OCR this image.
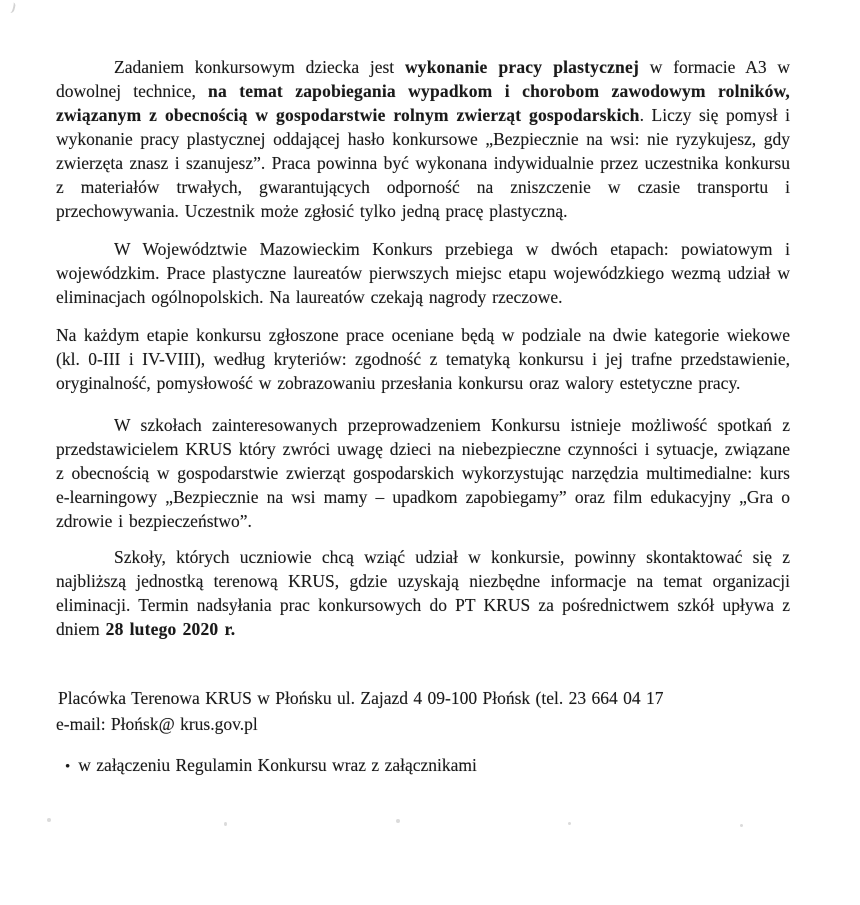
Zadaniem konkursowym dziecka jest wykonanie pracy plastycznej w formacie A3 w dowolnej technice, na temat zapobiegania wypadkom i chorobom zawodowym rolników, związanym z obecnością w gospodarstwie rolnym zwierząt gospodarskich. Liczy się pomysł i wykonanie pracy plastycznej oddającej hasło konkursowe „Bezpiecznie na wsi: nie ryzykujesz, gdy zwierzęta znasz i szanujesz”. Praca powinna być wykonana indywidualnie przez uczestnika konkursu z materiałów trwałych, gwarantujących odporność na zniszczenie w czasie transportu i przechowywania. Uczestnik może zgłosić tylko jedną pracę plastyczną.

W Województwie Mazowieckim Konkurs przebiega w dwóch etapach: powiatowym i wojewódzkim. Prace plastyczne laureatów pierwszych miejsc etapu wojewódzkiego wezmą udział w eliminacjach ogólnopolskich. Na laureatów czekają nagrody rzeczowe.

Na każdym etapie konkursu zgłoszone prace oceniane będą w podziale na dwie kategorie wiekowe (kl. 0-III i IV-VIII), według kryteriów: zgodność z tematyką konkursu i jej trafne przedstawienie, oryginalność, pomysłowość w zobrazowaniu przesłania konkursu oraz walory estetyczne pracy.

W szkołach zainteresowanych przeprowadzeniem Konkursu istnieje możliwość spotkań z przedstawicielem KRUS który zwróci uwagę dzieci na niebezpieczne czynności i sytuacje, związane z obecnością w gospodarstwie zwierząt gospodarskich wykorzystując narzędzia multimedialne: kurs e-learningowy „Bezpiecznie na wsi mamy – upadkom zapobiegamy” oraz film edukacyjny „Gra o zdrowie i bezpieczeństwo”.

Szkoły, których uczniowie chcą wziąć udział w konkursie, powinny skontaktować się z najbliższą jednostką terenową KRUS, gdzie uzyskają niezbędne informacje na temat organizacji eliminacji. Termin nadsyłania prac konkursowych do PT KRUS za pośrednictwem szkół upływa z dniem 28 lutego 2020 r.

Placówka Terenowa KRUS w Płońsku ul. Zajazd 4 09-100 Płońsk (tel. 23 664 04 17
e-mail: Płońsk@ krus.gov.pl

• w załączeniu Regulamin Konkursu wraz z załącznikami
